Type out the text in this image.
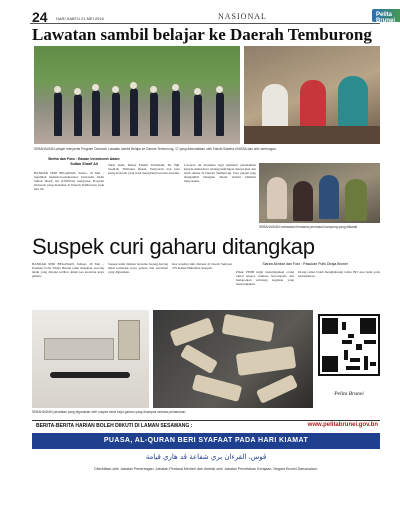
24 HARI SABTU 21 MEI 2016	NASIONAL	Pelita Brunei
Lawatan sambil belajar ke Daerah Temburong
SEBAHAGIAN pelajar menyertai Program Outreach Lawatan sambil Belajar ke Daerah Temburong, 17 yang dikendalikan oleh Fakulti Sastera UNISSA dan ahli rombongan.
Berita dan Foto : Eawan Innnntcmh Adam Sultan Sharif Ali
BANDAR SERI BEGAWAN, Selasa, 19 Mei – Sejumlah mahasiswa-mahasiswi Universiti Islam Sultan Sharif Ali (UNISSA) menyertai Program Outreach yang diadakan di Daerah Temburong pada hari ini.
Turut hadir, Dekan Fakulti Usuluddin, Dr. Hjh. Saadiah; Timbalan Dekan, Pensyarah dan para pensyarah lain yang turut mengiringi lawatan tersebut.
Lawatan ini diadakan bagi memberi pendedahan kepada mahasiswa tentang kehidupan masyarakat dan alam sekitar di Daerah Temburong. Para pelajar juga mengambil bahagian dalam aktiviti khidmat masyarakat.
SEBAHAGIAN mahasiswi bersama penduduk kampung yang dilawati.
Suspek curi gaharu ditangkap
Siaran Akhbar dan Foto : Pasukan Polis Diraja Brunei
BANDAR SERI BEGAWAN, Jumaat, 20 Mei – Pasukan Polis Diraja Brunei telah menahan seorang lelaki yang disyaki terlibat dalam kes kecurian kayu gaharu.
Suspek telah ditahan bersama barang-barang bukti termasuk kayu gaharu dan peralatan yang digunakan.
Kes tersebut kini disiasat di bawah Seksyen 379 Kanun Hukuman Jenayah.
Pihak PPDB ingin mengingatkan orang ramai supaya sentiasa berwaspada dan melaporkan sebarang kegiatan yang mencurigakan.
Orang ramai boleh menghubungi talian 993 atau balai polis berhampiran.
Pelita Brunei
SEBAHAGIAN peralatan yang digunakan oleh suspek serta kayu gaharu yang dirampas semasa penahanan.
BERITA-BERITA HARIAN BOLEH DIIKUTI DI LAMAN SESAWANG :	www.pelitabrunei.gov.bn
PUASA, AL-QURAN BERI SYAFAAT PADA HARI KIAMAT
ڤوس، القرءان بري شفاعة ڤد هاري قيامة
Diterbitkan oleh Jabatan Penerangan, Jabatan Perdana Menteri dan dicetak oleh Jabatan Percetakan Kerajaan, Negara Brunei Darussalam.
